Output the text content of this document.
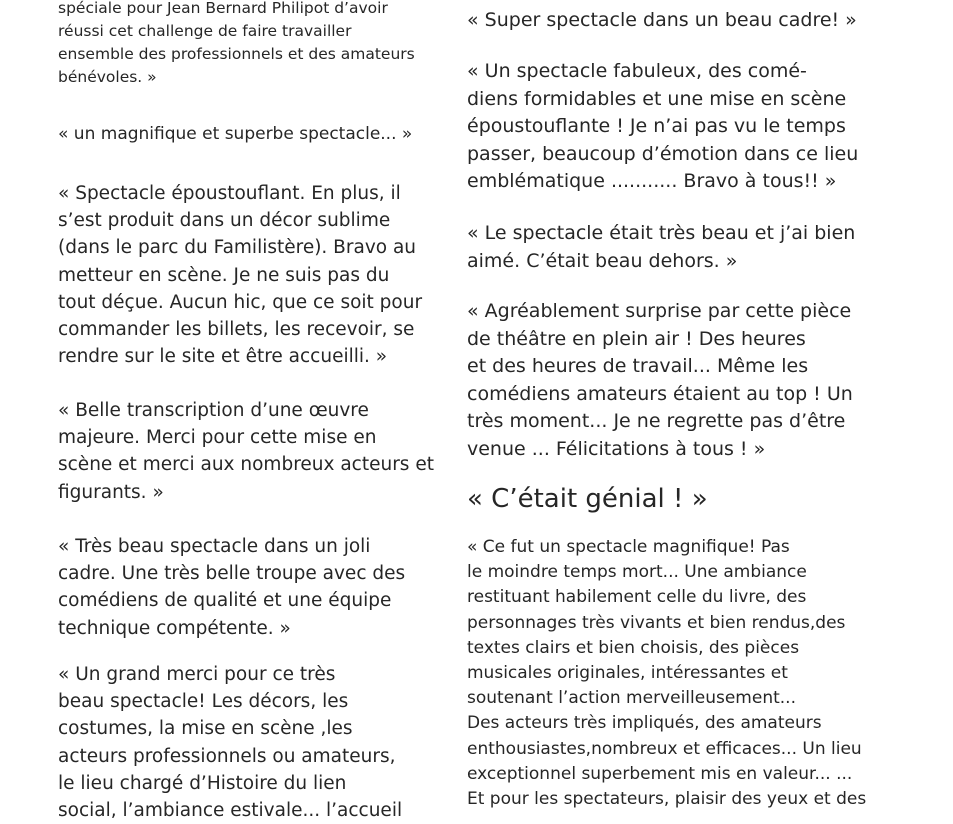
spéciale pour Jean Bernard Philipot d’avoir
réussi cet challenge de faire travailler
ensemble des professionnels et des amateurs
bénévoles. »

« un magnifique et superbe spectacle... »

« Spectacle époustouflant. En plus, il
s’est produit dans un décor sublime
(dans le parc du Familistère). Bravo au
metteur en scène. Je ne suis pas du
tout déçue. Aucun hic, que ce soit pour
commander les billets, les recevoir, se
rendre sur le site et être accueilli. »

« Belle transcription d’une œuvre
majeure. Merci pour cette mise en
scène et merci aux nombreux acteurs et
figurants. »

« Très beau spectacle dans un joli
cadre. Une très belle troupe avec des
comédiens de qualité et une équipe
technique compétente. »

« Un grand merci pour ce très
beau spectacle! Les décors, les
costumes, la mise en scène ,les
acteurs professionnels ou amateurs,
le lieu chargé d’Histoire du lien
social, l’ambiance estivale... l’accueil

« Super spectacle dans un beau cadre! »

« Un spectacle fabuleux, des comé-
diens formidables et une mise en scène
époustouflante ! Je n’ai pas vu le temps
passer, beaucoup d’émotion dans ce lieu
emblématique ........... Bravo à tous!! »

« Le spectacle était très beau et j’ai bien
aimé. C’était beau dehors. »

« Agréablement surprise par cette pièce
de théâtre en plein air ! Des heures
et des heures de travail... Même les
comédiens amateurs étaient au top ! Un
très moment... Je ne regrette pas d’être
venue ... Félicitations à tous ! »

« C’était génial ! »

« Ce fut un spectacle magnifique! Pas
le moindre temps mort... Une ambiance
restituant habilement celle du livre, des
personnages très vivants et bien rendus,des
textes clairs et bien choisis, des pièces
musicales originales, intéressantes et
soutenant l’action merveilleusement...
Des acteurs très impliqués, des amateurs
enthousiastes,nombreux et efficaces... Un lieu
exceptionnel superbement mis en valeur... ...
Et pour les spectateurs, plaisir des yeux et des
